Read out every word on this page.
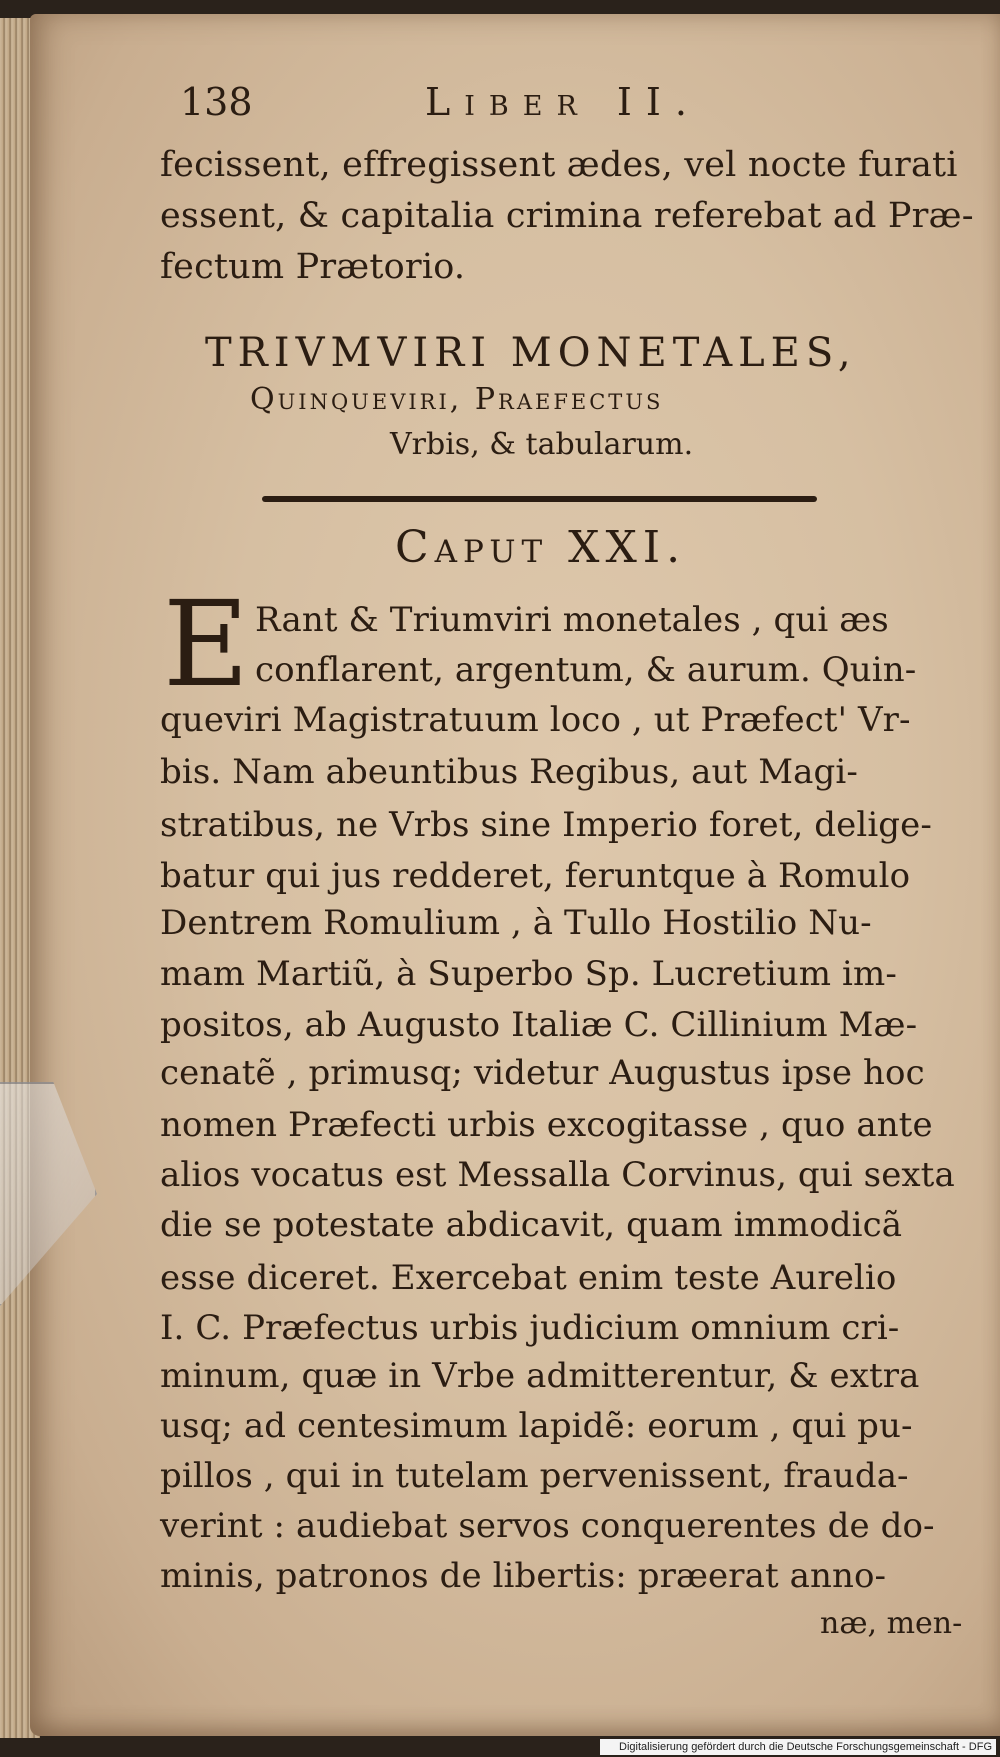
138	Liber II.
fecissent, effregissent ædes, vel nocte furati
essent, & capitalia crimina referebat ad Præ-
fectum Prætorio.
TRIVMVIRI MONETALES,
Quinqueviri, Praefectus
Vrbis, & tabularum.
Caput XXI.
E Rant & Triumviri monetales , qui æs
conflarent, argentum, & aurum. Quin-
queviri Magistratuum loco , ut Præfect' Vr-
bis. Nam abeuntibus Regibus, aut Magi-
stratibus, ne Vrbs sine Imperio foret, delige-
batur qui jus redderet, feruntque à Romulo
Dentrem Romulium , à Tullo Hostilio Nu-
mam Martiũ, à Superbo Sp. Lucretium im-
positos, ab Augusto Italiæ C. Cillinium Mæ-
cenatẽ , primusq; videtur Augustus ipse hoc
nomen Præfecti urbis excogitasse , quo ante
alios vocatus est Messalla Corvinus, qui sexta
die se potestate abdicavit, quam immodicã
esse diceret. Exercebat enim teste Aurelio
I. C. Præfectus urbis judicium omnium cri-
minum, quæ in Vrbe admitterentur, & extra
usq; ad centesimum lapidẽ: eorum , qui pu-
pillos , qui in tutelam pervenissent, frauda-
verint : audiebat servos conquerentes de do-
minis, patronos de libertis: præerat anno-
næ, men-
Digitalisierung gefördert durch die Deutsche Forschungsgemeinschaft - DFG
